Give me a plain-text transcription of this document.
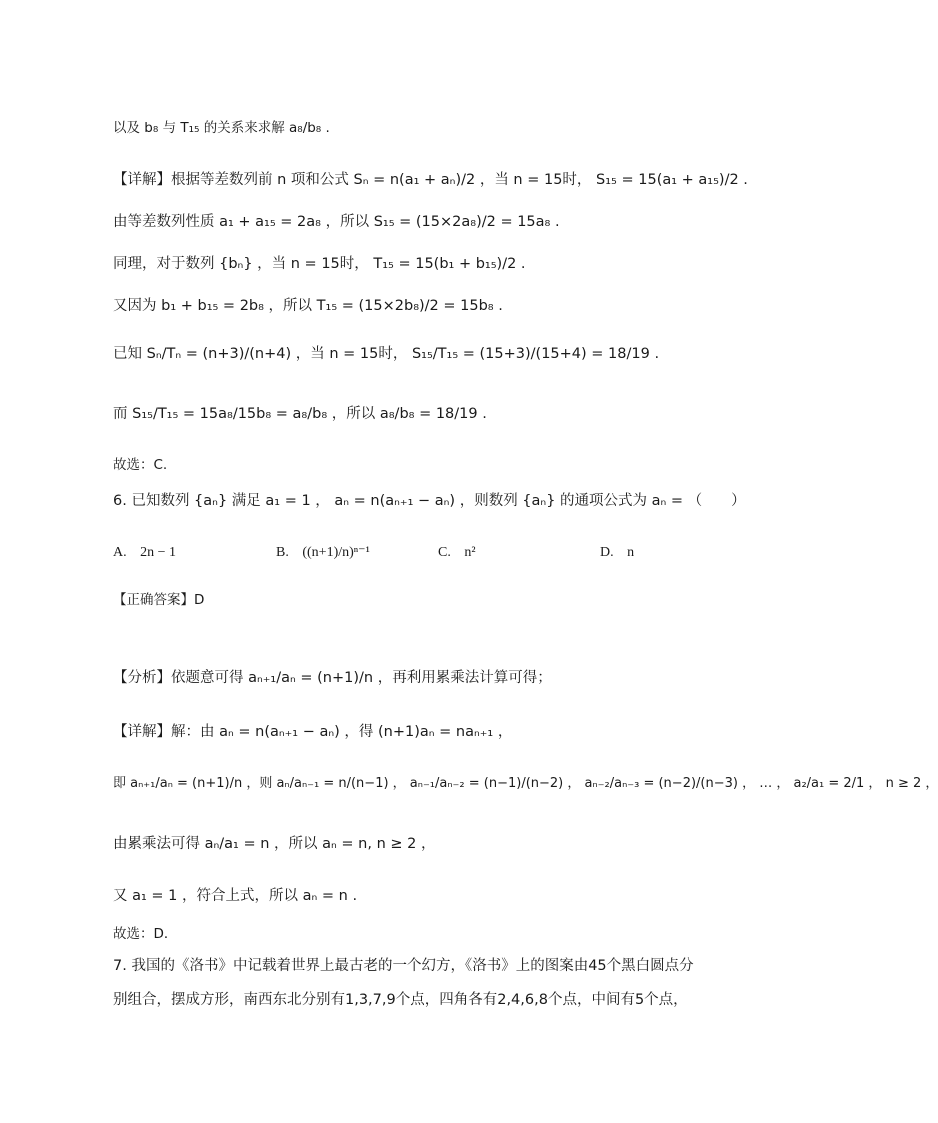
以及 b₈ 与 T₁₅ 的关系来求解 a₈/b₈ .
【详解】根据等差数列前 n 项和公式 Sₙ = n(a₁ + aₙ)/2 ，当 n = 15时， S₁₅ = 15(a₁ + a₁₅)/2 .
由等差数列性质 a₁ + a₁₅ = 2a₈ ，所以 S₁₅ = (15×2a₈)/2 = 15a₈ .
同理，对于数列 {bₙ} ，当 n = 15时， T₁₅ = 15(b₁ + b₁₅)/2 .
又因为 b₁ + b₁₅ = 2b₈ ，所以 T₁₅ = (15×2b₈)/2 = 15b₈ .
已知 Sₙ/Tₙ = (n+3)/(n+4) ，当 n = 15时， S₁₅/T₁₅ = (15+3)/(15+4) = 18/19 .
而 S₁₅/T₁₅ = 15a₈/15b₈ = a₈/b₈ ，所以 a₈/b₈ = 18/19 .
故选：C.
6. 已知数列 {aₙ} 满足 a₁ = 1 ， aₙ = n(aₙ₊₁ − aₙ) ，则数列 {aₙ} 的通项公式为 aₙ = （　　）
A. 2n − 1	B. ((n+1)/n)ⁿ⁻¹	C. n²	D. n
【正确答案】D
【分析】依题意可得 aₙ₊₁/aₙ = (n+1)/n ，再利用累乘法计算可得；
【详解】解：由 aₙ = n(aₙ₊₁ − aₙ) ，得 (n+1)aₙ = naₙ₊₁ ，
即 aₙ₊₁/aₙ = (n+1)/n ，则 aₙ/aₙ₋₁ = n/(n−1) ， aₙ₋₁/aₙ₋₂ = (n−1)/(n−2) ， aₙ₋₂/aₙ₋₃ = (n−2)/(n−3) ， … ， a₂/a₁ = 2/1 ， n ≥ 2 ，
由累乘法可得 aₙ/a₁ = n ，所以 aₙ = n, n ≥ 2 ，
又 a₁ = 1 ，符合上式，所以 aₙ = n .
故选：D．
7. 我国的《洛书》中记载着世界上最古老的一个幻方，《洛书》上的图案由45个黑白圆点分
别组合，摆成方形，南西东北分别有1,3,7,9个点，四角各有2,4,6,8个点，中间有5个点，
